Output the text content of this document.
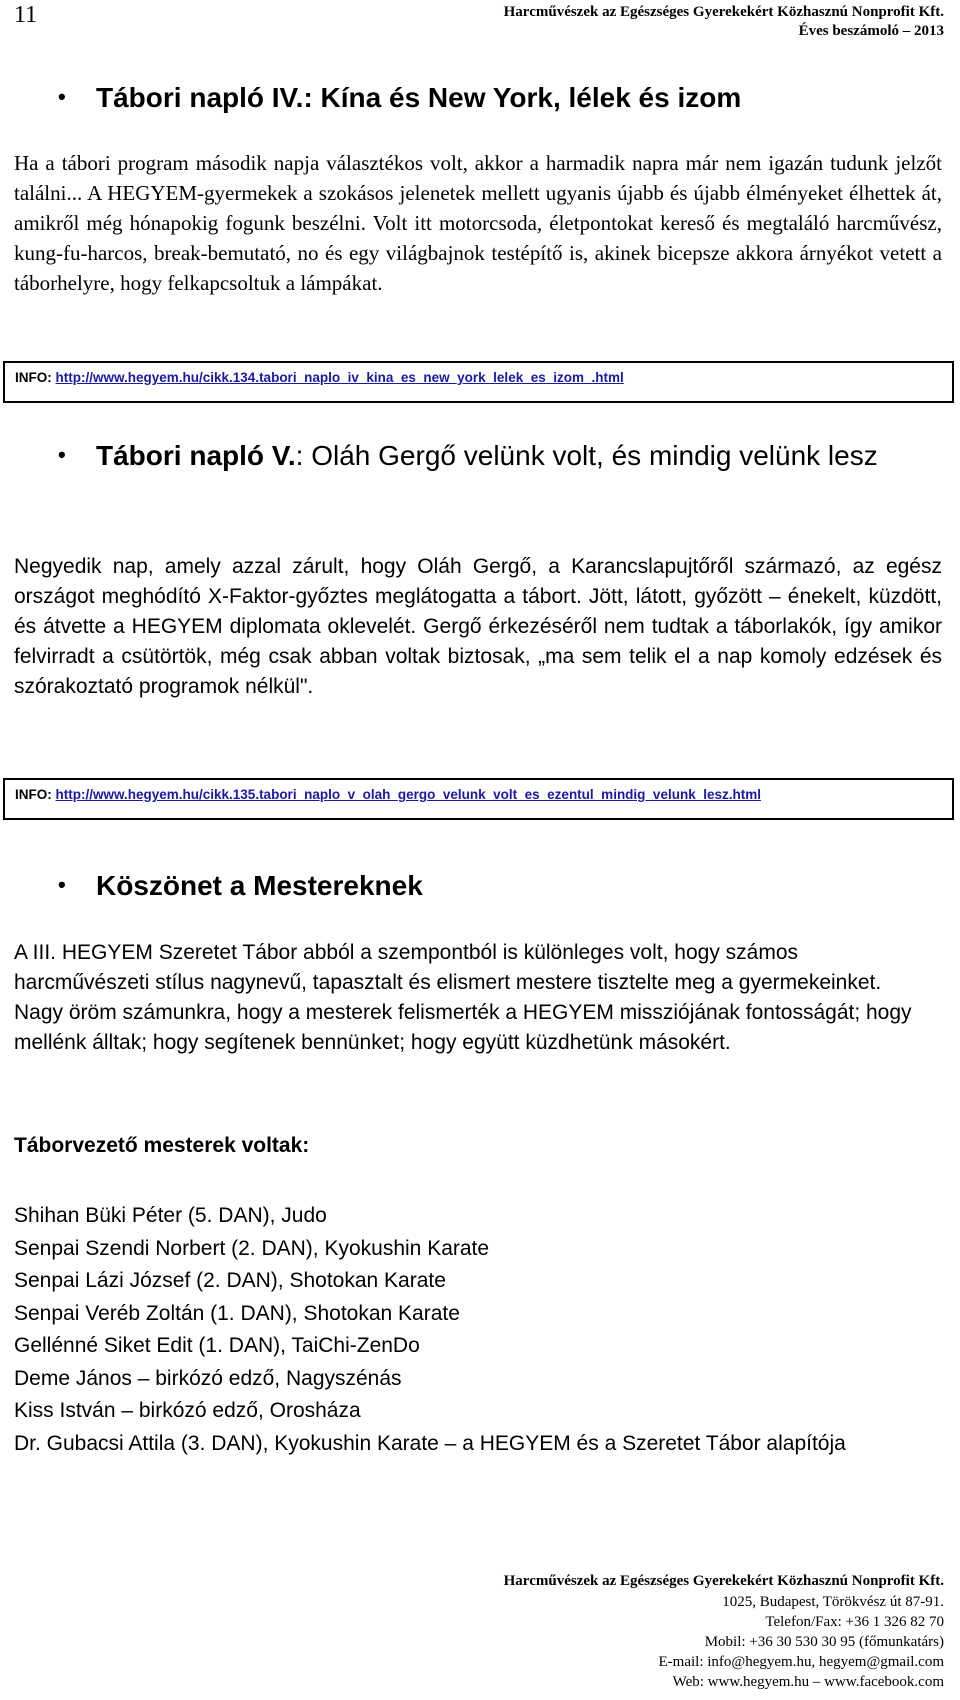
11	Harcművészek az Egészséges Gyerekekért Közhasznú Nonprofit Kft.
Éves beszámoló – 2013
• Tábori napló IV.: Kína és New York, lélek és izom

Ha a tábori program második napja választékos volt, akkor a harmadik napra már nem igazán tudunk jelzőt találni... A HEGYEM-gyermekek a szokásos jelenetek mellett ugyanis újabb és újabb élményeket élhettek át, amikről még hónapokig fogunk beszélni. Volt itt motorcsoda, életpontokat kereső és megtaláló harcművész, kung-fu-harcos, break-bemutató, no és egy világbajnok testépítő is, akinek bicepsze akkora árnyékot vetett a táborhelyre, hogy felkapcsoltuk a lámpákat.

INFO: http://www.hegyem.hu/cikk.134.tabori_naplo_iv_kina_es_new_york_lelek_es_izom_.html
• Tábori napló V.: Oláh Gergő velünk volt, és mindig velünk lesz

Negyedik nap, amely azzal zárult, hogy Oláh Gergő, a Karancslapujtőről származó, az egész országot meghódító X-Faktor-győztes meglátogatta a tábort. Jött, látott, győzött – énekelt, küzdött, és átvette a HEGYEM diplomata oklevelét. Gergő érkezéséről nem tudtak a táborlakók, így amikor felvirradt a csütörtök, még csak abban voltak biztosak, „ma sem telik el a nap komoly edzések és szórakoztató programok nélkül".

INFO: http://www.hegyem.hu/cikk.135.tabori_naplo_v_olah_gergo_velunk_volt_es_ezentul_mindig_velunk_lesz.html
• Köszönet a Mestereknek

A III. HEGYEM Szeretet Tábor abból a szempontból is különleges volt, hogy számos harcművészeti stílus nagynevű, tapasztalt és elismert mestere tisztelte meg a gyermekeinket. Nagy öröm számunkra, hogy a mesterek felismerték a HEGYEM missziójának fontosságát; hogy mellénk álltak; hogy segítenek bennünket; hogy együtt küzdhetünk másokért.

Táborvezető mesterek voltak:
Shihan Büki Péter (5. DAN), Judo
Senpai Szendi Norbert (2. DAN), Kyokushin Karate
Senpai Lázi József (2. DAN), Shotokan Karate
Senpai Veréb Zoltán (1. DAN), Shotokan Karate
Gellénné Siket Edit (1. DAN), TaiChi-ZenDo
Deme János – birkózó edző, Nagyszénás
Kiss István – birkózó edző, Orosháza
Dr. Gubacsi Attila (3. DAN), Kyokushin Karate – a HEGYEM és a Szeretet Tábor alapítója
Harcművészek az Egészséges Gyerekekért Közhasznú Nonprofit Kft.
1025, Budapest, Törökvész út 87-91.
Telefon/Fax: +36 1 326 82 70
Mobil: +36 30 530 30 95 (főmunkatárs)
E-mail: info@hegyem.hu, hegyem@gmail.com
Web: www.hegyem.hu – www.facebook.com
